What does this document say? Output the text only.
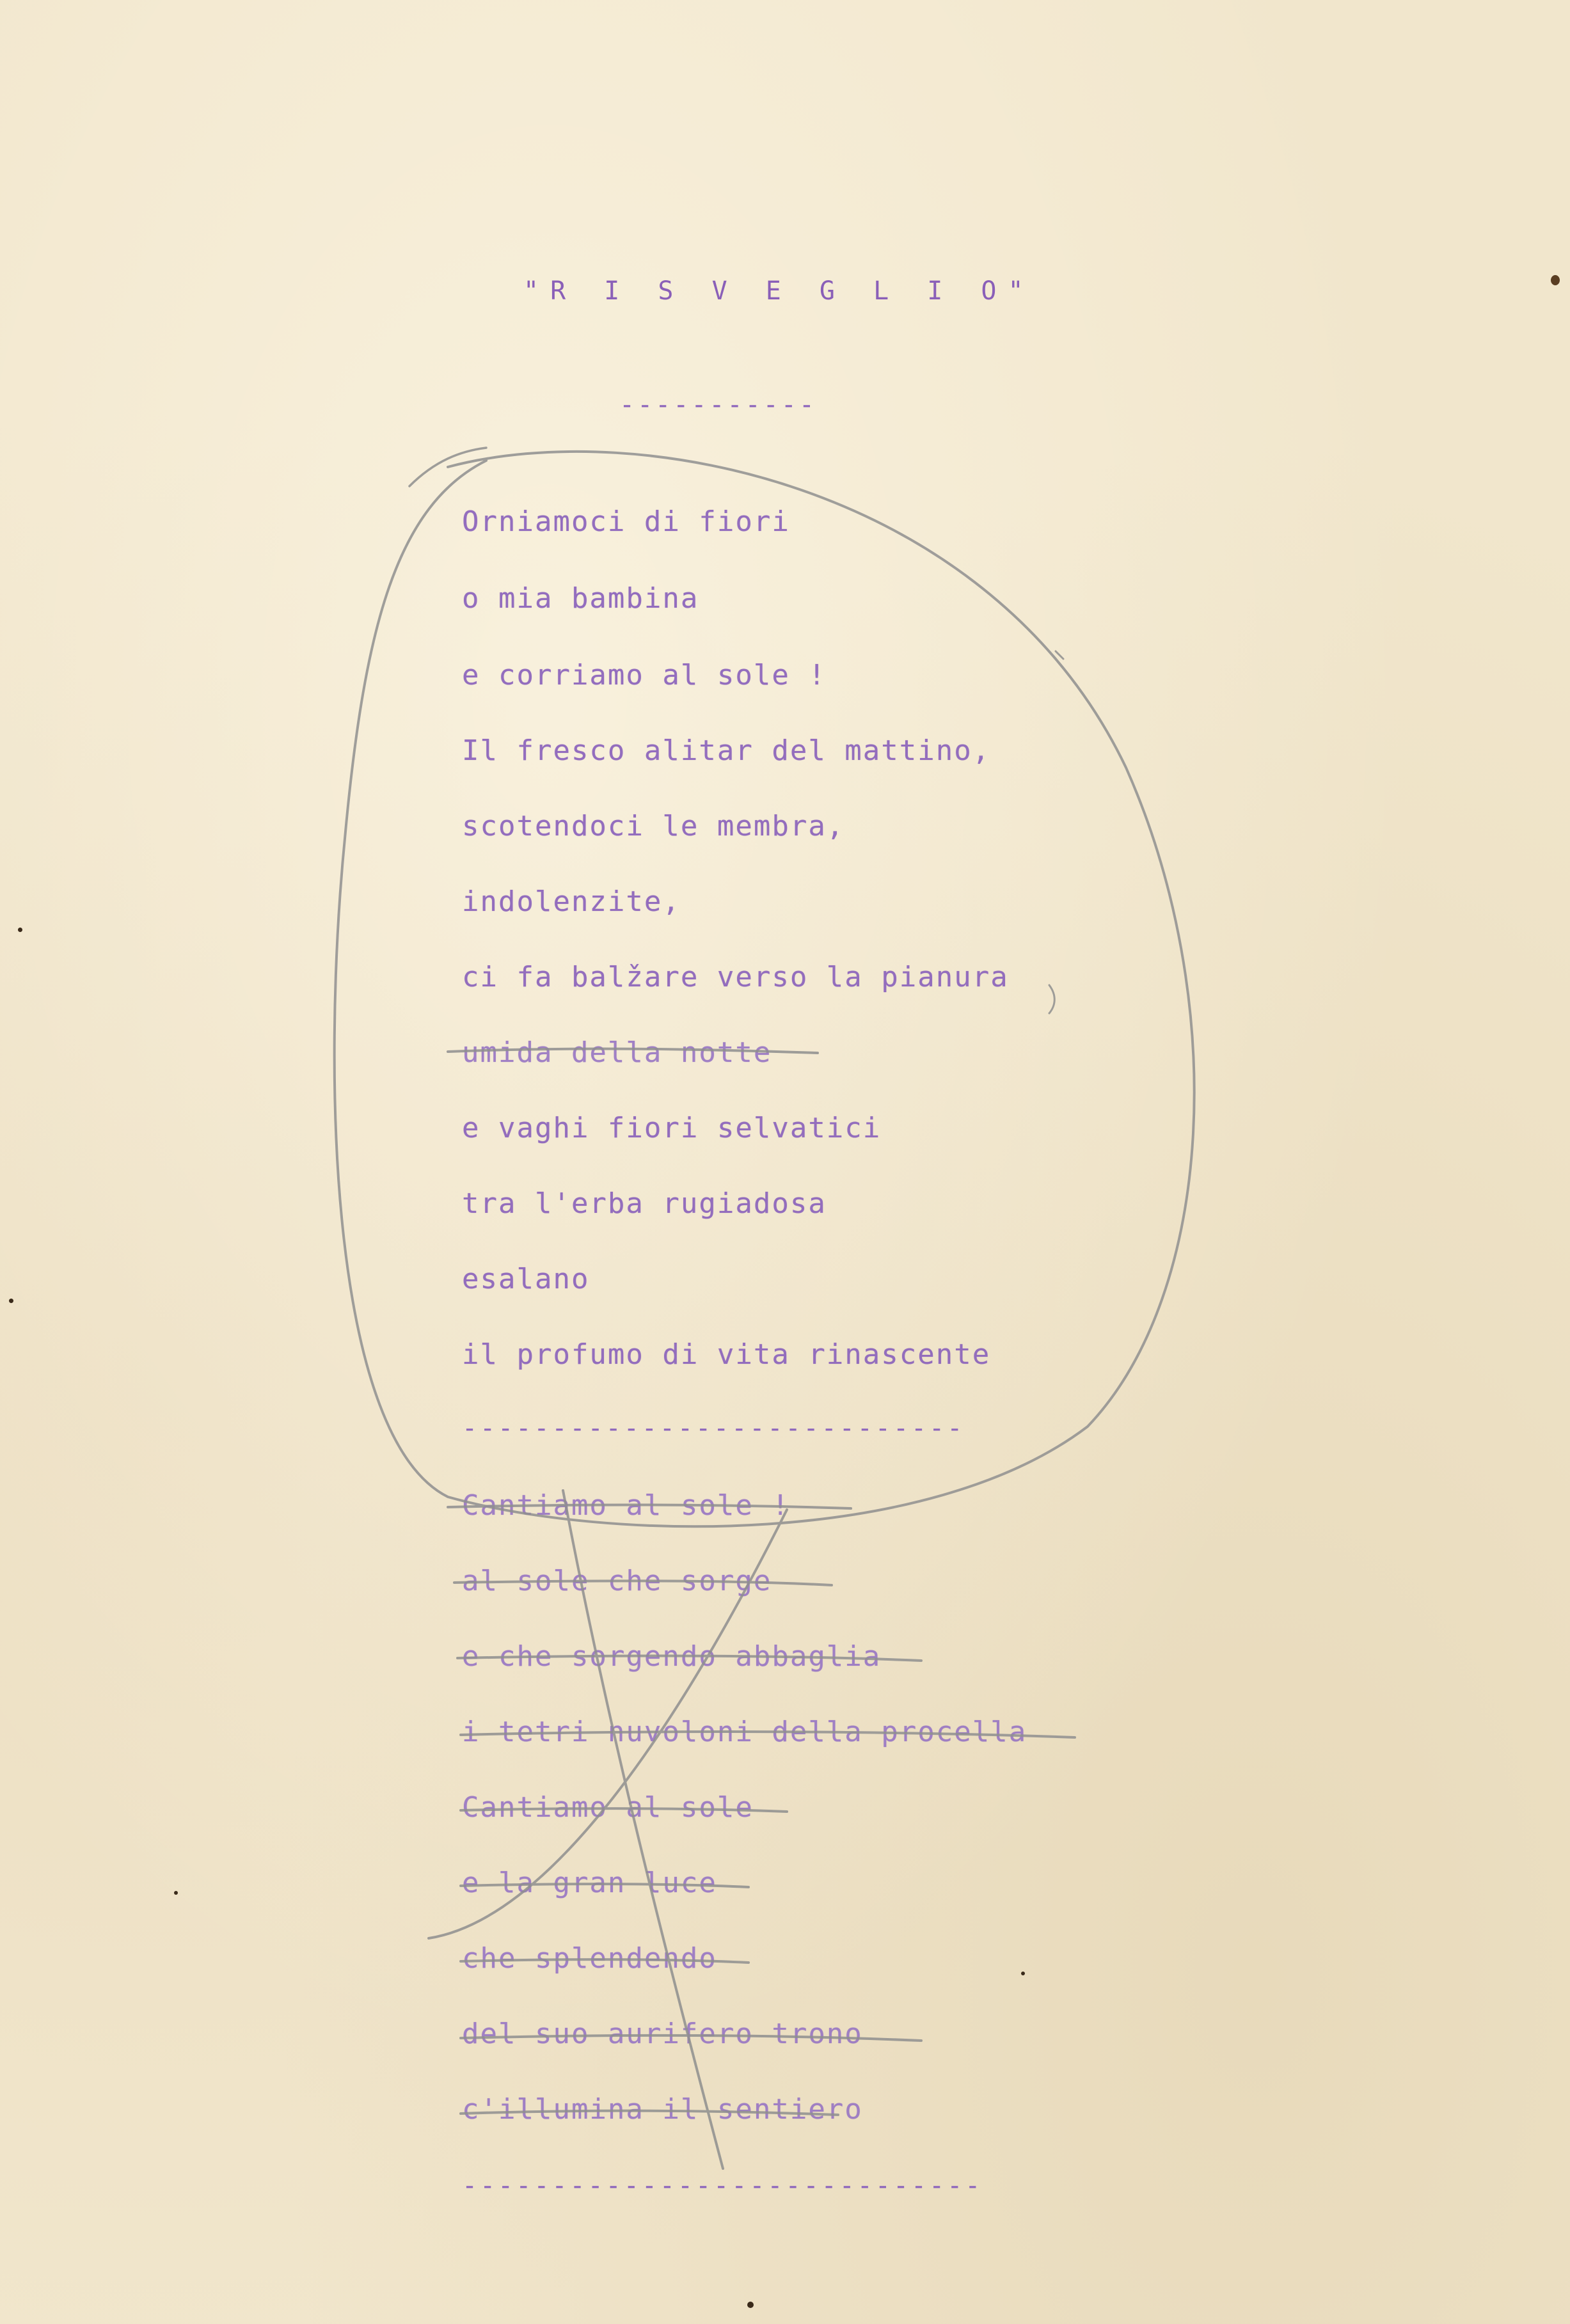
"R I S V E G L I O"
-----------
Orniamoci di fiori
o mia bambina
e corriamo al sole !
Il fresco alitar del mattino,
scotendoci le membra,
indolenzite,
ci fa balžare verso la pianura
umida della notte
e vaghi fiori selvatici
tra l'erba rugiadosa
esalano
il profumo di vita rinascente
----------------------------
Cantiamo al sole !
al sole che sorge
e che sorgendo abbaglia
i tetri nuvoloni della procella
Cantiamo al sole
e la gran luce
che splendendo
del suo aurifero trono
c'illumina il sentiero
-----------------------------
